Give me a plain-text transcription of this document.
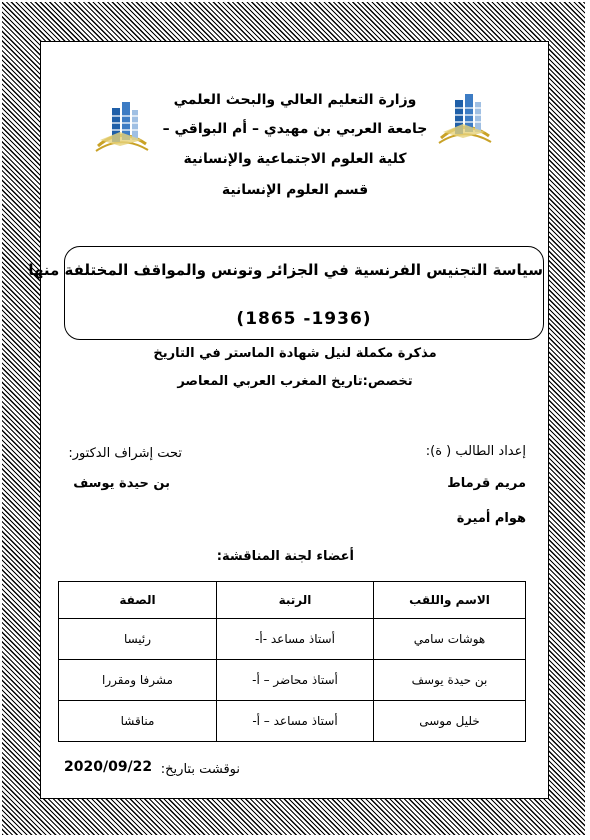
وزارة التعليم العالي والبحث العلمي
جامعة العربي بن مهيدي – أم البواقي –
كلية العلوم الاجتماعية والإنسانية
قسم العلوم الإنسانية
سياسة التجنيس الفرنسية في الجزائر وتونس والمواقف المختلفة منها
(1865 -1936)
مذكرة مكملة لنيل شهادة الماستر في التاريخ
تخصص:تاريخ المغرب العربي المعاصر
إعداد الطالب ( ة):
مريم قرماط
هوام أميرة
تحت إشراف الدكتور:
بن حيدة يوسف
أعضاء لجنة المناقشة:
الاسم واللقب	الرتبة	الصفة
هوشات سامي	أستاذ مساعد -أ-	رئيسا
بن حيدة يوسف	أستاذ محاضر – أ-	مشرفا ومقررا
خليل موسى	أستاذ مساعد – أ-	مناقشا
نوقشت بتاريخ:
2020/09/22
